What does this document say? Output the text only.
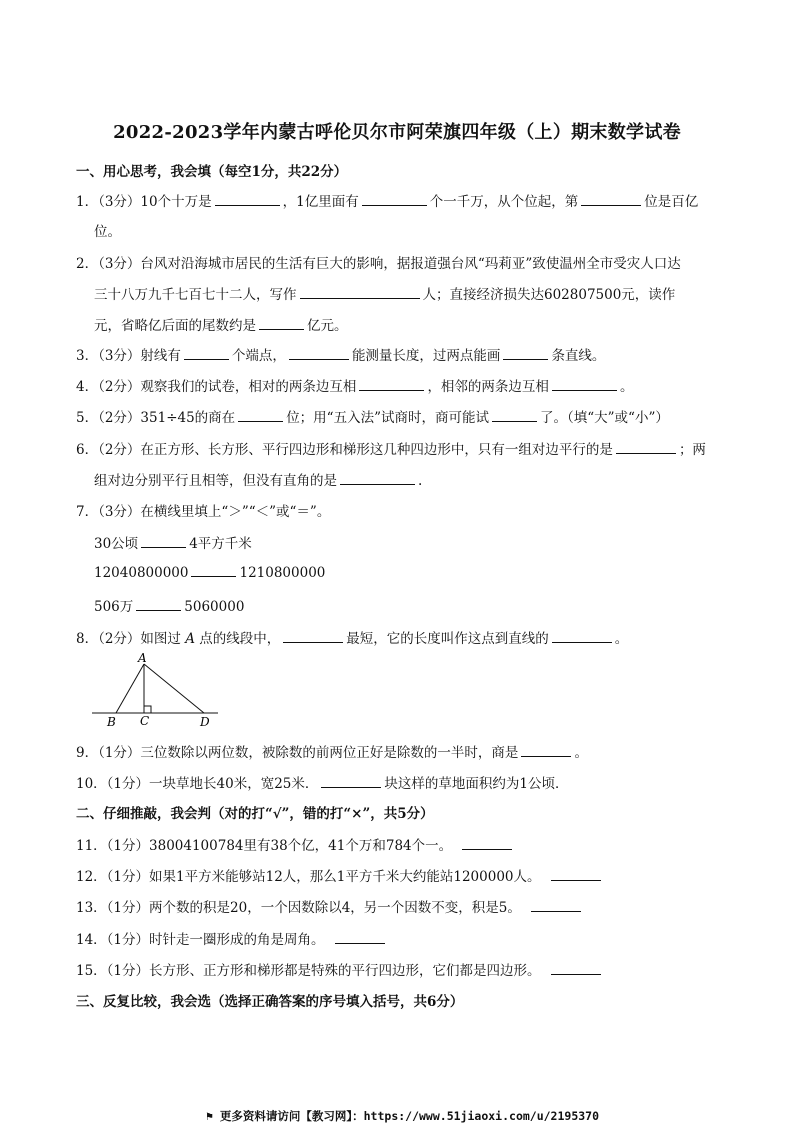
2022-2023学年内蒙古呼伦贝尔市阿荣旗四年级（上）期末数学试卷
一、用心思考，我会填（每空1分，共22分）
1．（3分）10个十万是	，1亿里面有	个一千万，从个位起，第	位是百亿
位。
2．（3分）台风对沿海城市居民的生活有巨大的影响，据报道强台风“玛莉亚”致使温州全市受灾人口达
三十八万九千七百七十二人，写作	人；直接经济损失达602807500元，读作
元，省略亿后面的尾数约是	亿元。
3．（3分）射线有	个端点，	能测量长度，过两点能画	条直线。
4．（2分）观察我们的试卷，相对的两条边互相	，相邻的两条边互相	。
5．（2分）351÷45的商在	位；用“五入法”试商时，商可能试	了。（填“大”或“小”）
6．（2分）在正方形、长方形、平行四边形和梯形这几种四边形中，只有一组对边平行的是	；两
组对边分别平行且相等，但没有直角的是	.
7．（3分）在横线里填上“＞”“＜”或“＝”。
30公顷	4平方千米
12040800000	1210800000
506万	5060000
8．（2分）如图过 A 点的线段中，	最短，它的长度叫作这点到直线的	。
A
B C	D
9．（1分）三位数除以两位数，被除数的前两位正好是除数的一半时，商是	。
10．（1分）一块草地长40米，宽25米．	块这样的草地面积约为1公顷．
二、仔细推敲，我会判（对的打“√”，错的打“×”，共5分）
11．（1分）38004100784里有38个亿，41个万和784个一。
12．（1分）如果1平方米能够站12人，那么1平方千米大约能站1200000人。
13．（1分）两个数的积是20，一个因数除以4，另一个因数不变，积是5。
14．（1分）时针走一圈形成的角是周角。
15．（1分）长方形、正方形和梯形都是特殊的平行四边形，它们都是四边形。
三、反复比较，我会选（选择正确答案的序号填入括号，共6分）
⚑ 更多资料请访问【教习网】：https://www.51jiaoxi.com/u/2195370
